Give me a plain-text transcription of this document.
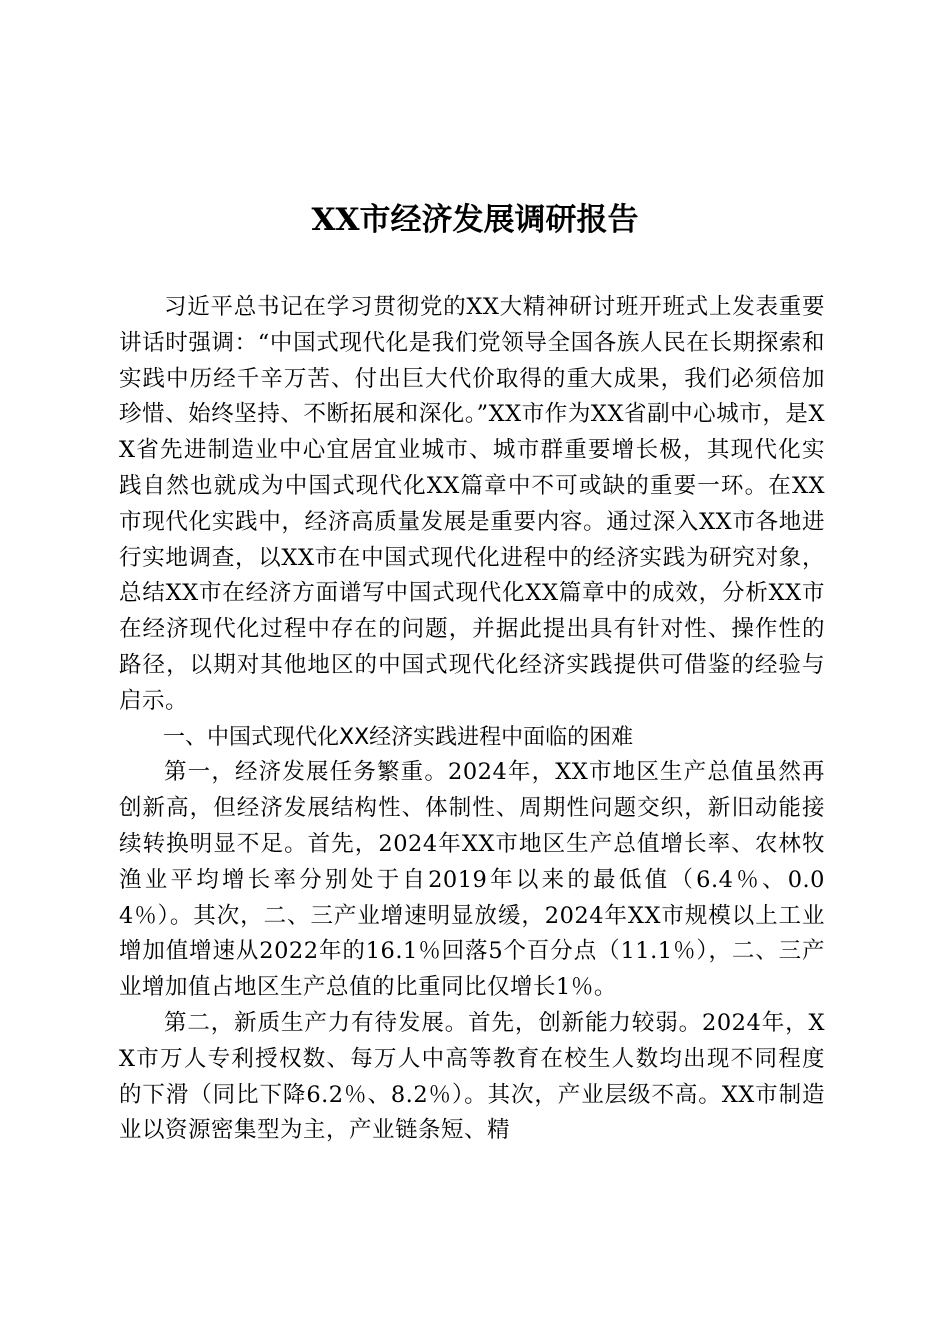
XX市经济发展调研报告

习近平总书记在学习贯彻党的XX大精神研讨班开班式上发表重要讲话时强调：“中国式现代化是我们党领导全国各族人民在长期探索和实践中历经千辛万苦、付出巨大代价取得的重大成果，我们必须倍加珍惜、始终坚持、不断拓展和深化。”XX市作为XX省副中心城市，是XX省先进制造业中心宜居宜业城市、城市群重要增长极，其现代化实践自然也就成为中国式现代化XX篇章中不可或缺的重要一环。在XX市现代化实践中，经济高质量发展是重要内容。通过深入XX市各地进行实地调查，以XX市在中国式现代化进程中的经济实践为研究对象，总结XX市在经济方面谱写中国式现代化XX篇章中的成效，分析XX市在经济现代化过程中存在的问题，并据此提出具有针对性、操作性的路径，以期对其他地区的中国式现代化经济实践提供可借鉴的经验与启示。

一、中国式现代化XX经济实践进程中面临的困难

第一，经济发展任务繁重。2024年，XX市地区生产总值虽然再创新高，但经济发展结构性、体制性、周期性问题交织，新旧动能接续转换明显不足。首先，2024年XX市地区生产总值增长率、农林牧渔业平均增长率分别处于自2019年以来的最低值（6.4％、0.04％）。其次，二、三产业增速明显放缓，2024年XX市规模以上工业增加值增速从2022年的16.1％回落5个百分点（11.1％），二、三产业增加值占地区生产总值的比重同比仅增长1％。

第二，新质生产力有待发展。首先，创新能力较弱。2024年，XX市万人专利授权数、每万人中高等教育在校生人数均出现不同程度的下滑（同比下降6.2％、8.2％）。其次，产业层级不高。XX市制造业以资源密集型为主，产业链条短、精
